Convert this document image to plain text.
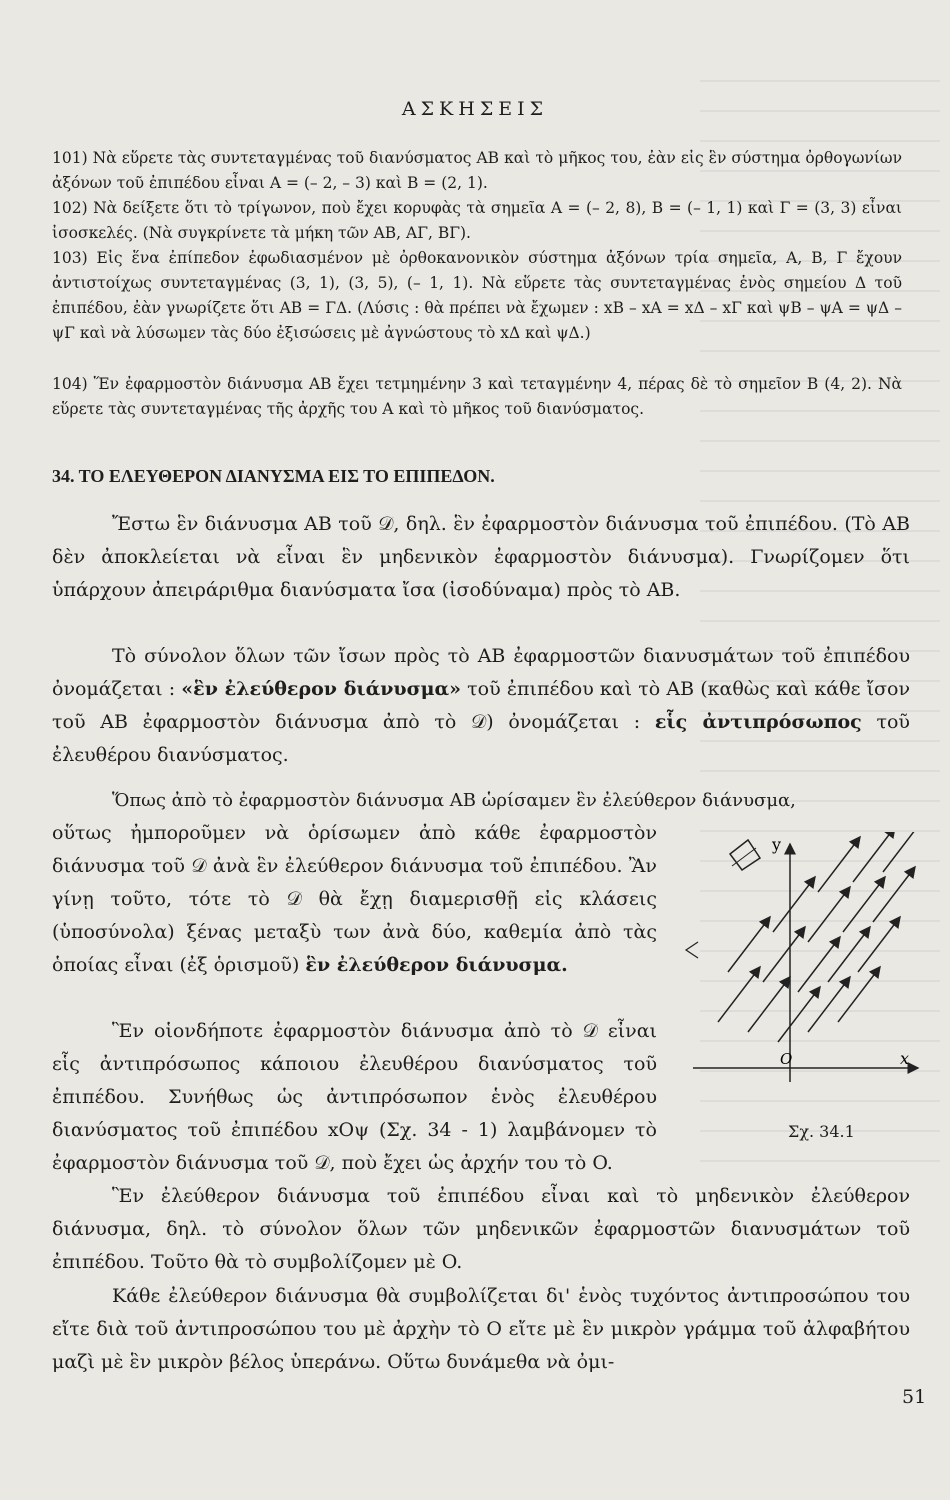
ΑΣΚΗΣΕΙΣ
101) Νὰ εὕρετε τὰς συντεταγμένας τοῦ διανύσματος AB καὶ τὸ μῆκος του, ἐὰν εἰς ἓν σύστημα ὀρθογωνίων ἀξόνων τοῦ ἐπιπέδου εἶναι A = (– 2, – 3) καὶ B = (2, 1).
102) Νὰ δείξετε ὅτι τὸ τρίγωνον, ποὺ ἔχει κορυφὰς τὰ σημεῖα A = (– 2, 8), B = (– 1, 1) καὶ Γ = (3, 3) εἶναι ἰσοσκελές. (Νὰ συγκρίνετε τὰ μήκη τῶν AB, AΓ, BΓ).
103) Εἰς ἕνα ἐπίπεδον ἐφωδιασμένον μὲ ὀρθοκανονικὸν σύστημα ἀξόνων τρία σημεῖα, A, B, Γ ἔχουν ἀντιστοίχως συντεταγμένας (3, 1), (3, 5), (– 1, 1). Νὰ εὕρετε τὰς συντεταγμένας ἑνὸς σημείου Δ τοῦ ἐπιπέδου, ἐὰν γνωρίζετε ὅτι AB = ΓΔ. (Λύσις : θὰ πρέπει νὰ ἔχωμεν : xB – xA = xΔ – xΓ καὶ ψB – ψA = ψΔ – ψΓ καὶ νὰ λύσωμεν τὰς δύο ἐξισώσεις μὲ ἀγνώστους τὸ xΔ καὶ ψΔ.)
104) Ἕν ἐφαρμοστὸν διάνυσμα AB ἔχει τετμημένην 3 καὶ τεταγμένην 4, πέρας δὲ τὸ σημεῖον B (4, 2). Νὰ εὕρετε τὰς συντεταγμένας τῆς ἀρχῆς του A καὶ τὸ μῆκος τοῦ διανύσματος.
34. ΤΟ ΕΛΕΥΘΕΡΟΝ ΔΙΑΝΥΣΜΑ ΕΙΣ ΤΟ ΕΠΙΠΕΔΟΝ.
Ἔστω ἓν διάνυσμα AB τοῦ 𝒟, δηλ. ἓν ἐφαρμοστὸν διάνυσμα τοῦ ἐπιπέδου. (Τὸ AB δὲν ἀποκλείεται νὰ εἶναι ἓν μηδενικὸν ἐφαρμοστὸν διάνυσμα). Γνωρίζομεν ὅτι ὑπάρχουν ἀπειράριθμα διανύσματα ἴσα (ἰσοδύναμα) πρὸς τὸ AB.
Τὸ σύνολον ὅλων τῶν ἴσων πρὸς τὸ AB ἐφαρμοστῶν διανυσμάτων τοῦ ἐπιπέδου ὀνομάζεται : «ἓν ἐλεύθερον διάνυσμα» τοῦ ἐπιπέδου καὶ τὸ AB (καθὼς καὶ κάθε ἴσον τοῦ AB ἐφαρμοστὸν διάνυσμα ἀπὸ τὸ 𝒟) ὀνομάζεται : εἷς ἀντιπρόσωπος τοῦ ἐλευθέρου διανύσματος.
Ὅπως ἀπὸ τὸ ἐφαρμοστὸν διάνυσμα AB ὡρίσαμεν ἓν ἐλεύθερον διάνυσμα,
οὕτως ἠμποροῦμεν νὰ ὁρίσωμεν ἀπὸ κάθε ἐφαρμοστὸν διάνυσμα τοῦ 𝒟 ἀνὰ ἓν ἐλεύθερον διάνυσμα τοῦ ἐπιπέδου. Ἂν γίνῃ τοῦτο, τότε τὸ 𝒟 θὰ ἔχῃ διαμερισθῇ εἰς κλάσεις (ὑποσύνολα) ξένας μεταξὺ των ἀνὰ δύο, καθεμία ἀπὸ τὰς ὁποίας εἶναι (ἐξ ὁρισμοῦ) ἓν ἐλεύθερον διάνυσμα.
Ἓν οἱονδήποτε ἐφαρμοστὸν διάνυσμα ἀπὸ τὸ 𝒟 εἶναι εἷς ἀντιπρόσωπος κάποιου ἐλευθέρου διανύσματος τοῦ ἐπιπέδου. Συνήθως ὡς ἀντιπρόσωπον ἑνὸς ἐλευθέρου διανύσματος τοῦ ἐπιπέδου xOψ (Σχ. 34 - 1) λαμβάνομεν τὸ ἐφαρμοστὸν διάνυσμα τοῦ 𝒟, ποὺ ἔχει ὡς ἀρχήν του τὸ O.
Ἓν ἐλεύθερον διάνυσμα τοῦ ἐπιπέδου εἶναι καὶ τὸ μηδενικὸν ἐλεύθερον διάνυσμα, δηλ. τὸ σύνολον ὅλων τῶν μηδενικῶν ἐφαρμοστῶν διανυσμάτων τοῦ ἐπιπέδου. Τοῦτο θὰ τὸ συμβολίζομεν μὲ O.
Κάθε ἐλεύθερον διάνυσμα θὰ συμβολίζεται δι' ἑνὸς τυχόντος ἀντιπροσώπου του εἴτε διὰ τοῦ ἀντιπροσώπου του μὲ ἀρχὴν τὸ O εἴτε μὲ ἓν μικρὸν γράμμα τοῦ ἀλφαβήτου μαζὶ μὲ ἓν μικρὸν βέλος ὑπεράνω. Οὕτω δυνάμεθα νὰ ὀμι-
y
x
O
Σχ. 34.1
51
